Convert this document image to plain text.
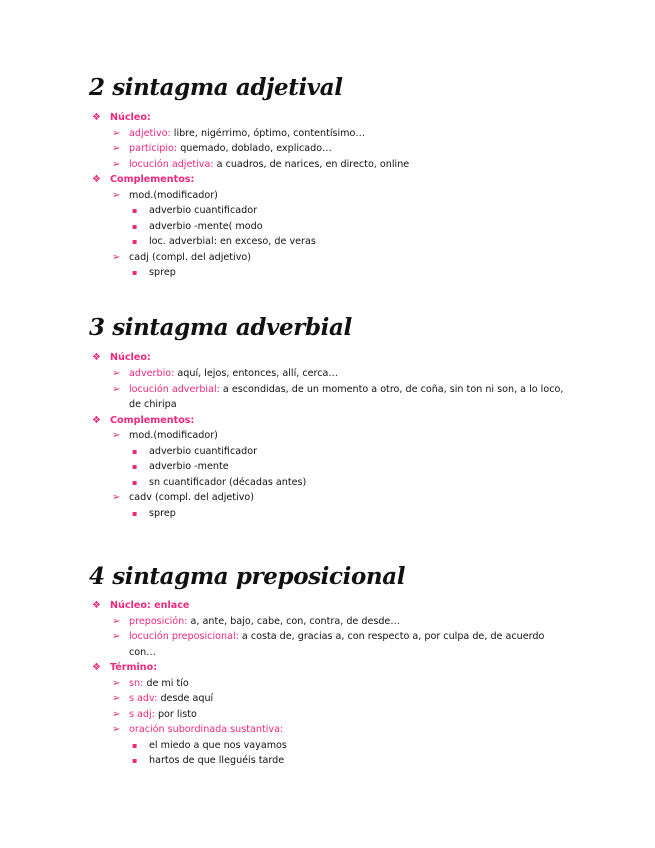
2 sintagma adjetival
❖ Núcleo:
➢ adjetivo: libre, nigérrimo, óptimo, contentísimo…
➢ participio: quemado, doblado, explicado…
➢ locución adjetiva: a cuadros, de narices, en directo, online
❖ Complementos:
➢ mod.(modificador)
▪ adverbio cuantificador
▪ adverbio -mente( modo
▪ loc. adverbial: en exceso, de veras
➢ cadj (compl. del adjetivo)
▪ sprep
3 sintagma adverbial
❖ Núcleo:
➢ adverbio: aquí, lejos, entonces, allí, cerca…
➢ locución adverbial: a escondidas, de un momento a otro, de coña, sin ton ni son, a lo loco,
de chiripa
❖ Complementos:
➢ mod.(modificador)
▪ adverbio cuantificador
▪ adverbio -mente
▪ sn cuantificador (décadas antes)
➢ cadv (compl. del adjetivo)
▪ sprep
4 sintagma preposicional
❖ Núcleo: enlace
➢ preposición: a, ante, bajo, cabe, con, contra, de desde…
➢ locución preposicional: a costa de, gracias a, con respecto a, por culpa de, de acuerdo
con…
❖ Término:
➢ sn: de mi tío
➢ s adv: desde aquí
➢ s adj: por listo
➢ oración subordinada sustantiva:
▪ el miedo a que nos vayamos
▪ hartos de que lleguéis tarde
